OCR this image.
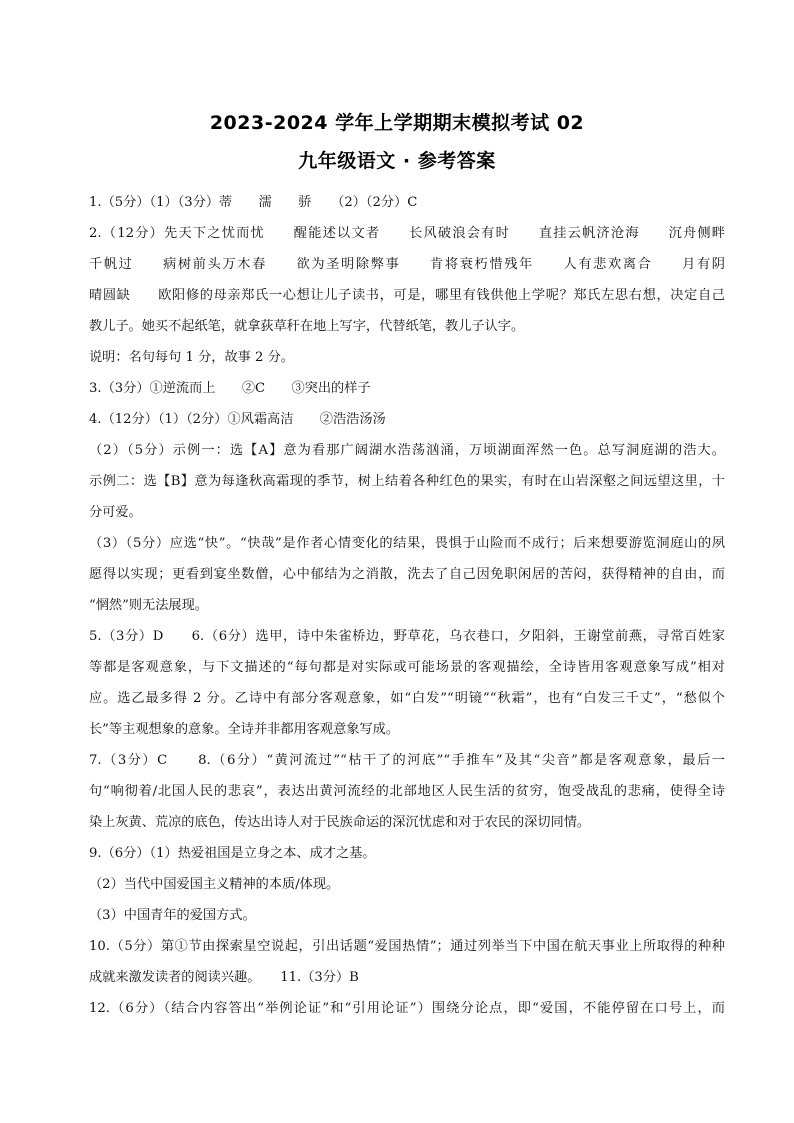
2023-2024 学年上学期期末模拟考试 02
九年级语文 · 参考答案
1.（5分）（1）（3分）蒂　　濡　　骄　　（2）（2分）C
2.（12分）先天下之忧而忧　　醒能述以文者　　长风破浪会有时　　直挂云帆济沧海　　沉舟侧畔
千帆过　　病树前头万木春　　欲为圣明除弊事　　肯将衰朽惜残年　　人有悲欢离合　　月有阴
晴圆缺　　欧阳修的母亲郑氏一心想让儿子读书，可是，哪里有钱供他上学呢？郑氏左思右想，决定自己
教儿子。她买不起纸笔，就拿荻草秆在地上写字，代替纸笔，教儿子认字。
说明：名句每句 1 分，故事 2 分。
3.（3分）①逆流而上　　②C　　③突出的样子
4.（12分）（1）（2分）①风霜高洁　　②浩浩汤汤
（2）（5分）示例一：选【A】意为看那广阔湖水浩荡汹涌，万顷湖面浑然一色。总写洞庭湖的浩大。
示例二：选【B】意为每逢秋高霜现的季节，树上结着各种红色的果实，有时在山岩深壑之间远望这里，十
分可爱。
（3）（5分）应选“快”。“快哉”是作者心情变化的结果，畏惧于山险而不成行；后来想要游览洞庭山的夙
愿得以实现；更看到宴坐数僧，心中郁结为之消散，洗去了自己因免职闲居的苦闷，获得精神的自由，而
“惘然”则无法展现。
5.（3分）D　　6.（6分）选甲，诗中朱雀桥边，野草花，乌衣巷口，夕阳斜，王谢堂前燕，寻常百姓家
等都是客观意象，与下文描述的“每句都是对实际或可能场景的客观描绘，全诗皆用客观意象写成”相对
应。选乙最多得 2 分。乙诗中有部分客观意象，如“白发”“明镜”“秋霜”，也有“白发三千丈”，“愁似个
长”等主观想象的意象。全诗并非都用客观意象写成。
7.（3分）C　　8.（6分）“黄河流过”“枯干了的河底”“手推车”及其“尖音”都是客观意象，最后一
句“响彻着/北国人民的悲哀”，表达出黄河流经的北部地区人民生活的贫穷，饱受战乱的悲痛，使得全诗
染上灰黄、荒凉的底色，传达出诗人对于民族命运的深沉忧虑和对于农民的深切同情。
9.（6分）（1）热爱祖国是立身之本、成才之基。
（2）当代中国爱国主义精神的本质/体现。
（3）中国青年的爱国方式。
10.（5分）第①节由探索星空说起，引出话题“爱国热情”；通过列举当下中国在航天事业上所取得的种种
成就来激发读者的阅读兴趣。　　11.（3分）B
12.（6分）（结合内容答出“举例论证”和“引用论证”）围绕分论点，即“爱国，不能停留在口号上，而
